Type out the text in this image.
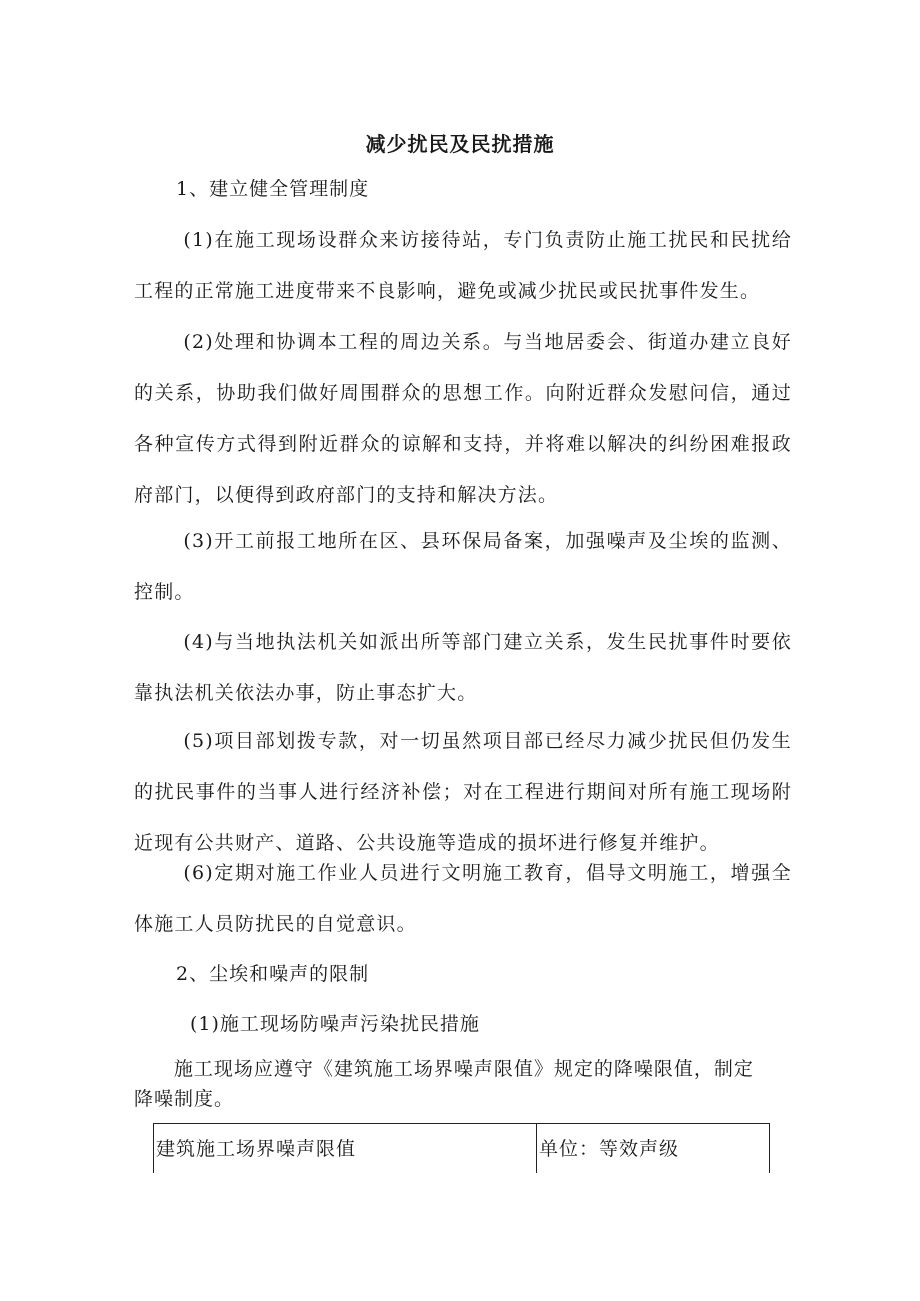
减少扰民及民扰措施
1、建立健全管理制度
(1)在施工现场设群众来访接待站，专门负责防止施工扰民和民扰给工程的正常施工进度带来不良影响，避免或减少扰民或民扰事件发生。
(2)处理和协调本工程的周边关系。与当地居委会、街道办建立良好的关系，协助我们做好周围群众的思想工作。向附近群众发慰问信，通过各种宣传方式得到附近群众的谅解和支持，并将难以解决的纠纷困难报政府部门，以便得到政府部门的支持和解决方法。
(3)开工前报工地所在区、县环保局备案，加强噪声及尘埃的监测、控制。
(4)与当地执法机关如派出所等部门建立关系，发生民扰事件时要依靠执法机关依法办事，防止事态扩大。
(5)项目部划拨专款，对一切虽然项目部已经尽力减少扰民但仍发生的扰民事件的当事人进行经济补偿；对在工程进行期间对所有施工现场附近现有公共财产、道路、公共设施等造成的损坏进行修复并维护。
(6)定期对施工作业人员进行文明施工教育，倡导文明施工，增强全体施工人员防扰民的自觉意识。
2、尘埃和噪声的限制
(1)施工现场防噪声污染扰民措施
施工现场应遵守《建筑施工场界噪声限值》规定的降噪限值，制定降噪制度。
建筑施工场界噪声限值	单位：等效声级
